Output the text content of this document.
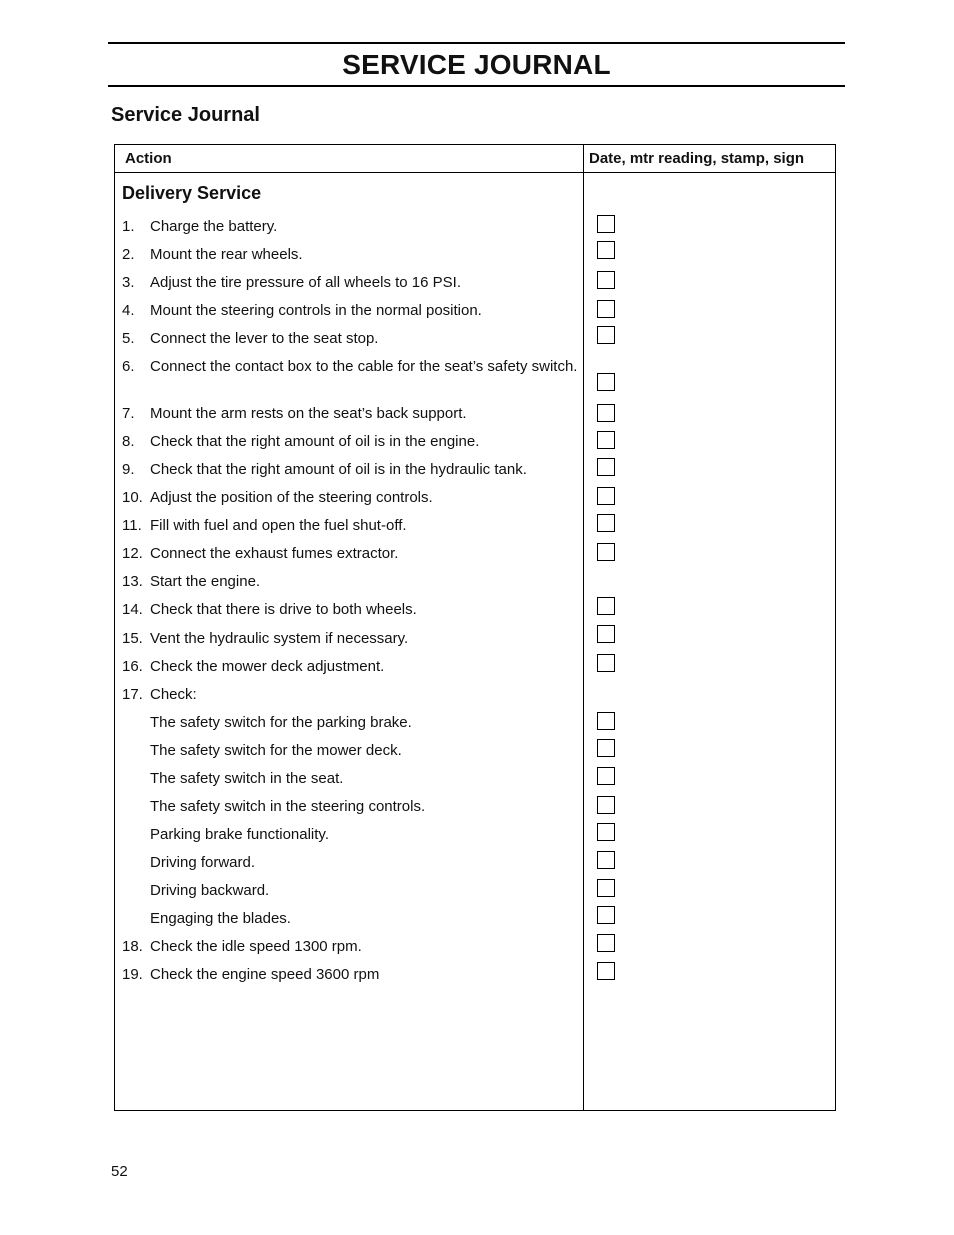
SERVICE JOURNAL
Service Journal
Action	Date, mtr reading, stamp, sign
Delivery Service
1. Charge the battery.
2. Mount the rear wheels.
3. Adjust the tire pressure of all wheels to 16 PSI.
4. Mount the steering controls in the normal position.
5. Connect the lever to the seat stop.
6. Connect the contact box to the cable for the seat’s safety switch.
7. Mount the arm rests on the seat’s back support.
8. Check that the right amount of oil is in the engine.
9. Check that the right amount of oil is in the hydraulic tank.
10. Adjust the position of the steering controls.
11. Fill with fuel and open the fuel shut-off.
12. Connect the exhaust fumes extractor.
13. Start the engine.
14. Check that there is drive to both wheels.
15. Vent the hydraulic system if necessary.
16. Check the mower deck adjustment.
17. Check:
The safety switch for the parking brake.
The safety switch for the mower deck.
The safety switch in the seat.
The safety switch in the steering controls.
Parking brake functionality.
Driving forward.
Driving backward.
Engaging the blades.
18. Check the idle speed 1300 rpm.
19. Check the engine speed 3600 rpm
52
